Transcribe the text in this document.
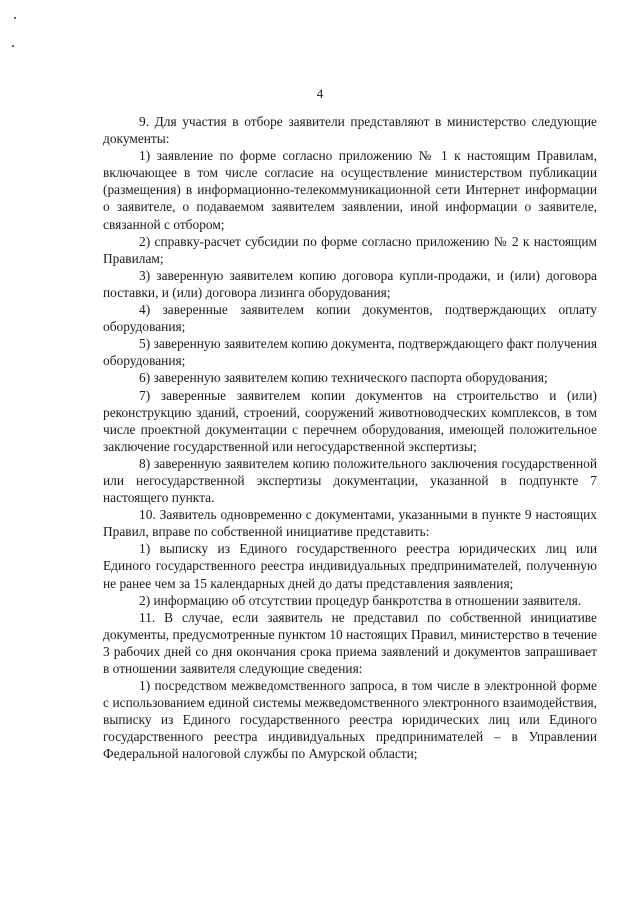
4

9. Для участия в отборе заявители представляют в министерство следующие документы:

1) заявление по форме согласно приложению № 1 к настоящим Правилам, включающее в том числе согласие на осуществление министерством публикации (размещения) в информационно-телекоммуникационной сети Интернет информации о заявителе, о подаваемом заявителем заявлении, иной информации о заявителе, связанной с отбором;

2) справку-расчет субсидии по форме согласно приложению № 2 к настоящим Правилам;

3) заверенную заявителем копию договора купли-продажи, и (или) договора поставки, и (или) договора лизинга оборудования;

4) заверенные заявителем копии документов, подтверждающих оплату оборудования;

5) заверенную заявителем копию документа, подтверждающего факт получения оборудования;

6) заверенную заявителем копию технического паспорта оборудования;

7) заверенные заявителем копии документов на строительство и (или) реконструкцию зданий, строений, сооружений животноводческих комплексов, в том числе проектной документации с перечнем оборудования, имеющей положительное заключение государственной или негосударственной экспертизы;

8) заверенную заявителем копию положительного заключения государственной или негосударственной экспертизы документации, указанной в подпункте 7 настоящего пункта.

10. Заявитель одновременно с документами, указанными в пункте 9 настоящих Правил, вправе по собственной инициативе представить:

1) выписку из Единого государственного реестра юридических лиц или Единого государственного реестра индивидуальных предпринимателей, полученную не ранее чем за 15 календарных дней до даты представления заявления;

2) информацию об отсутствии процедур банкротства в отношении заявителя.

11. В случае, если заявитель не представил по собственной инициативе документы, предусмотренные пунктом 10 настоящих Правил, министерство в течение 3 рабочих дней со дня окончания срока приема заявлений и документов запрашивает в отношении заявителя следующие сведения:

1) посредством межведомственного запроса, в том числе в электронной форме с использованием единой системы межведомственного электронного взаимодействия, выписку из Единого государственного реестра юридических лиц или Единого государственного реестра индивидуальных предпринимателей – в Управлении Федеральной налоговой службы по Амурской области;
